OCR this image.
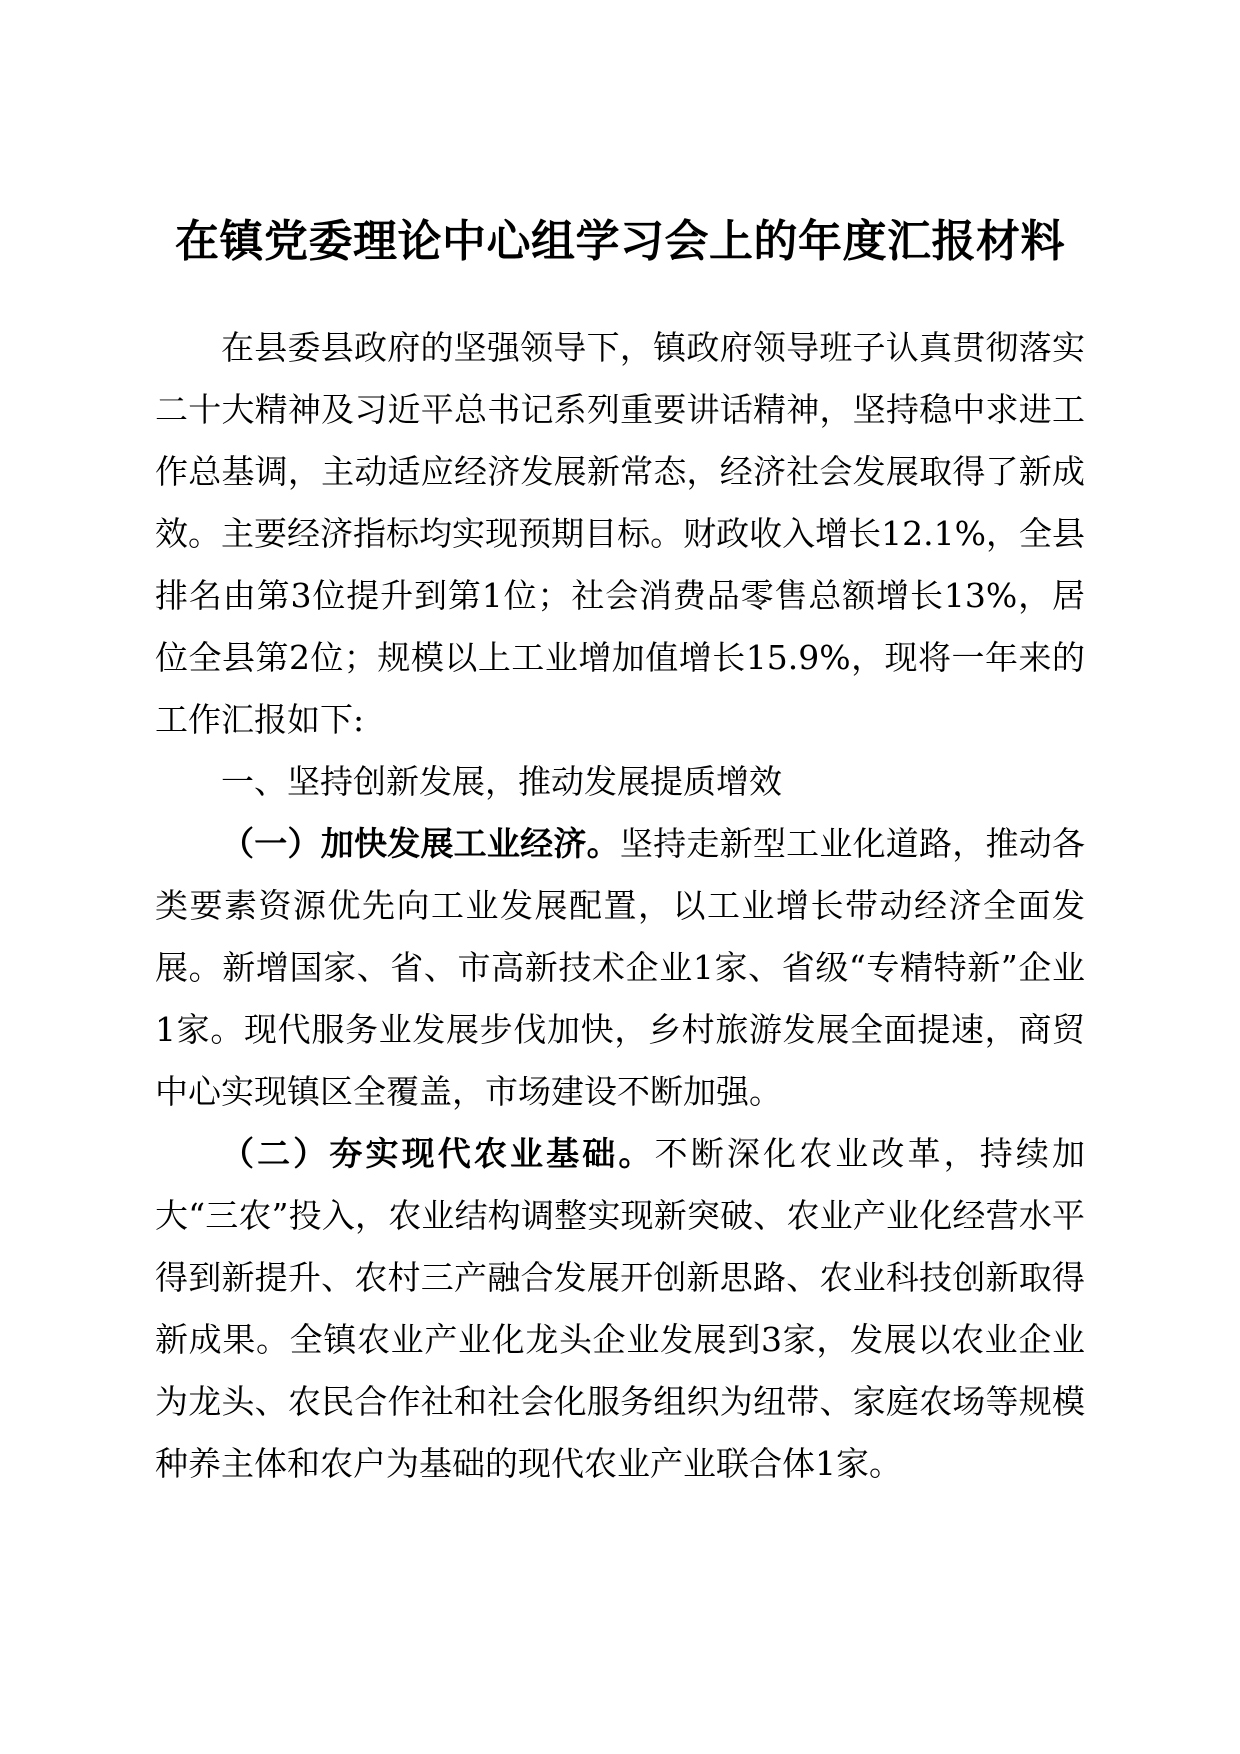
在镇党委理论中心组学习会上的年度汇报材料

在县委县政府的坚强领导下，镇政府领导班子认真贯彻落实二十大精神及习近平总书记系列重要讲话精神，坚持稳中求进工作总基调，主动适应经济发展新常态，经济社会发展取得了新成效。主要经济指标均实现预期目标。财政收入增长12.1%，全县排名由第3位提升到第1位；社会消费品零售总额增长13%，居位全县第2位；规模以上工业增加值增长15.9%，现将一年来的工作汇报如下:

一、坚持创新发展，推动发展提质增效

（一）加快发展工业经济。坚持走新型工业化道路，推动各类要素资源优先向工业发展配置，以工业增长带动经济全面发展。新增国家、省、市高新技术企业1家、省级“专精特新”企业1家。现代服务业发展步伐加快，乡村旅游发展全面提速，商贸中心实现镇区全覆盖，市场建设不断加强。

（二）夯实现代农业基础。不断深化农业改革，持续加大“三农”投入，农业结构调整实现新突破、农业产业化经营水平得到新提升、农村三产融合发展开创新思路、农业科技创新取得新成果。全镇农业产业化龙头企业发展到3家，发展以农业企业为龙头、农民合作社和社会化服务组织为纽带、家庭农场等规模种养主体和农户为基础的现代农业产业联合体1家。
